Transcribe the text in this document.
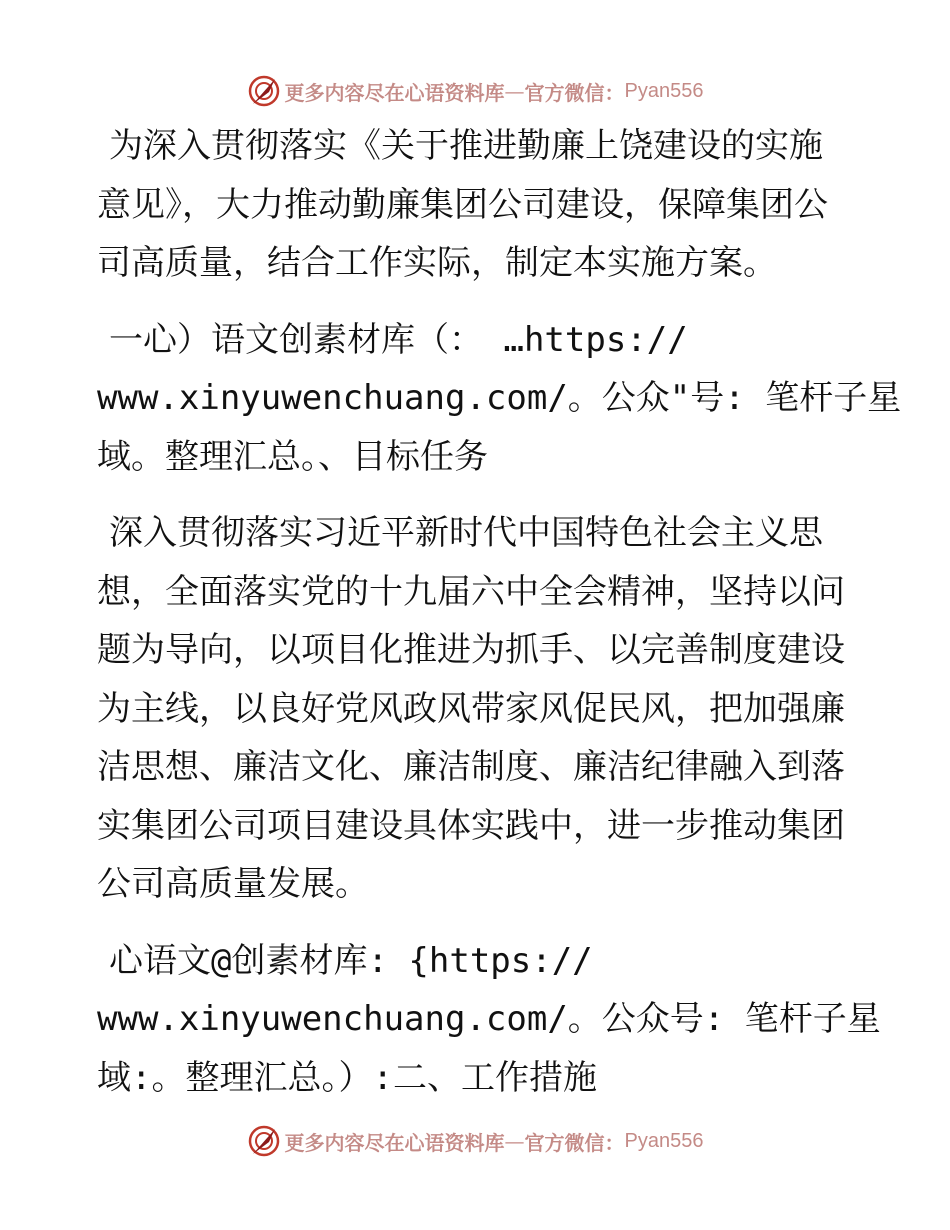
更多内容尽在心语资料库 — 官方微信： Pyan556
为深入贯彻落实《关于推进勤廉上饶建设的实施
意见》，大力推动勤廉集团公司建设，保障集团公
司高质量，结合工作实际，制定本实施方案。
一心）语文创素材库（： …https://
www.xinyuwenchuang.com/。公众"号: 笔杆子星
域。整理汇总。、目标任务
深入贯彻落实习近平新时代中国特色社会主义思
想，全面落实党的十九届六中全会精神，坚持以问
题为导向，以项目化推进为抓手、以完善制度建设
为主线，以良好党风政风带家风促民风，把加强廉
洁思想、廉洁文化、廉洁制度、廉洁纪律融入到落
实集团公司项目建设具体实践中，进一步推动集团
公司高质量发展。
心语文@创素材库: {https://
www.xinyuwenchuang.com/。公众号: 笔杆子星
域:。整理汇总。）:二、工作措施
更多内容尽在心语资料库 — 官方微信： Pyan556
